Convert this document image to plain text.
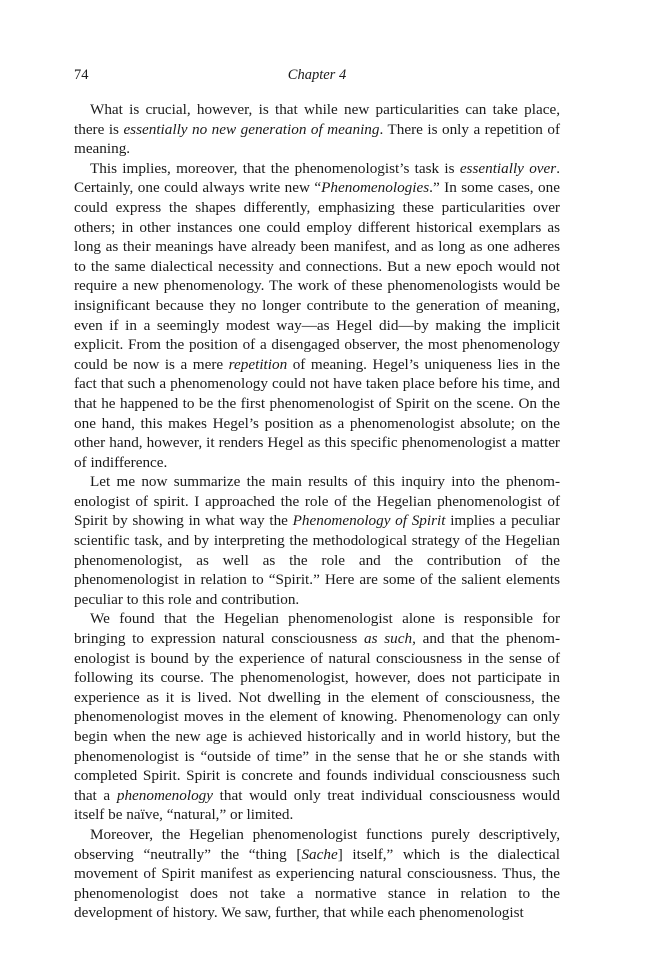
74	Chapter 4

What is crucial, however, is that while new particularities can take place, there is essentially no new generation of meaning. There is only a repetition of meaning.

This implies, moreover, that the phenomenologist’s task is essentially over. Certainly, one could always write new “Phenomenologies.” In some cases, one could express the shapes differently, emphasizing these particularities over others; in other instances one could employ different historical exemplars as long as their meanings have already been manifest, and as long as one adheres to the same dialectical necessity and connections. But a new epoch would not require a new phenomenology. The work of these phenomenologists would be insignificant because they no longer contribute to the generation of meaning, even if in a seemingly modest way—as Hegel did—by making the implicit explicit. From the position of a disengaged observer, the most phenomenology could be now is a mere repetition of meaning. Hegel’s uniqueness lies in the fact that such a phenomenology could not have taken place before his time, and that he happened to be the first phenomenologist of Spirit on the scene. On the one hand, this makes Hegel’s position as a phenomenologist absolute; on the other hand, however, it renders Hegel as this specific phenomenologist a matter of indifference.

Let me now summarize the main results of this inquiry into the phenomenologist of spirit. I approached the role of the Hegelian phenomenologist of Spirit by showing in what way the Phenomenology of Spirit implies a peculiar scientific task, and by interpreting the methodological strategy of the Hegelian phenomenologist, as well as the role and the contribution of the phenomenologist in relation to “Spirit.” Here are some of the salient elements peculiar to this role and contribution.

We found that the Hegelian phenomenologist alone is responsible for bringing to expression natural consciousness as such, and that the phenomenologist is bound by the experience of natural consciousness in the sense of following its course. The phenomenologist, however, does not participate in experience as it is lived. Not dwelling in the element of consciousness, the phenomenologist moves in the element of knowing. Phenomenology can only begin when the new age is achieved historically and in world history, but the phenomenologist is “outside of time” in the sense that he or she stands with completed Spirit. Spirit is concrete and founds individual consciousness such that a phenomenology that would only treat individual consciousness would itself be naïve, “natural,” or limited.

Moreover, the Hegelian phenomenologist functions purely descriptively, observing “neutrally” the “thing [Sache] itself,” which is the dialectical movement of Spirit manifest as experiencing natural consciousness. Thus, the phenomenologist does not take a normative stance in relation to the development of history. We saw, further, that while each phenomenologist
